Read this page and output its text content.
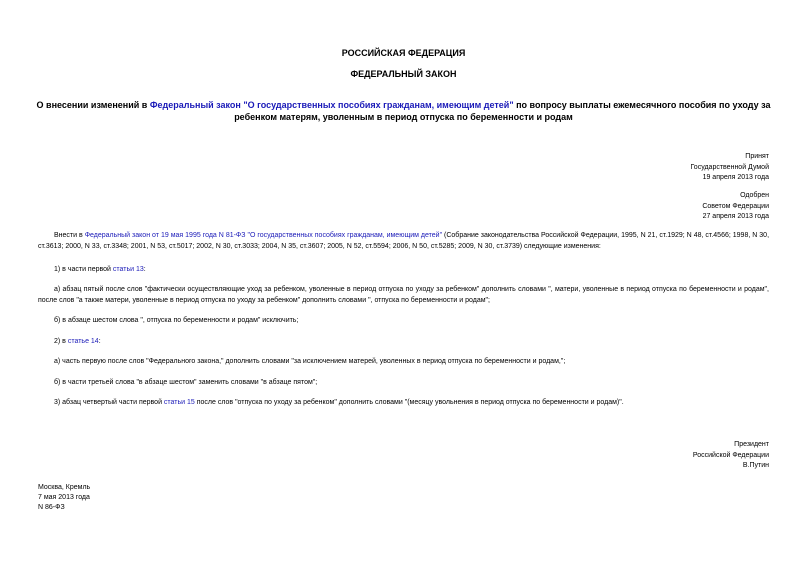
РОССИЙСКАЯ ФЕДЕРАЦИЯ
ФЕДЕРАЛЬНЫЙ ЗАКОН
О внесении изменений в Федеральный закон "О государственных пособиях гражданам, имеющим детей" по вопросу выплаты ежемесячного пособия по уходу за ребенком матерям, уволенным в период отпуска по беременности и родам
Принят
Государственной Думой
19 апреля 2013 года
Одобрен
Советом Федерации
27 апреля 2013 года
Внести в Федеральный закон от 19 мая 1995 года N 81-ФЗ "О государственных пособиях гражданам, имеющим детей" (Собрание законодательства Российской Федерации, 1995, N 21, ст.1929; N 48, ст.4566; 1998, N 30, ст.3613; 2000, N 33, ст.3348; 2001, N 53, ст.5017; 2002, N 30, ст.3033; 2004, N 35, ст.3607; 2005, N 52, ст.5594; 2006, N 50, ст.5285; 2009, N 30, ст.3739) следующие изменения:
1) в части первой статьи 13:
а) абзац пятый после слов "фактически осуществляющие уход за ребенком, уволенные в период отпуска по уходу за ребенком" дополнить словами ", матери, уволенные в период отпуска по беременности и родам", после слов "а также матери, уволенные в период отпуска по уходу за ребенком" дополнить словами ", отпуска по беременности и родам";
б) в абзаце шестом слова ", отпуска по беременности и родам" исключить;
2) в статье 14:
а) часть первую после слов "Федерального закона," дополнить словами "за исключением матерей, уволенных в период отпуска по беременности и родам,";
б) в части третьей слова "в абзаце шестом" заменить словами "в абзаце пятом";
3) абзац четвертый части первой статьи 15 после слов "отпуска по уходу за ребенком" дополнить словами "(месяцу увольнения в период отпуска по беременности и родам)".
Президент
Российской Федерации
В.Путин
Москва, Кремль
7 мая 2013 года
N 86-ФЗ
